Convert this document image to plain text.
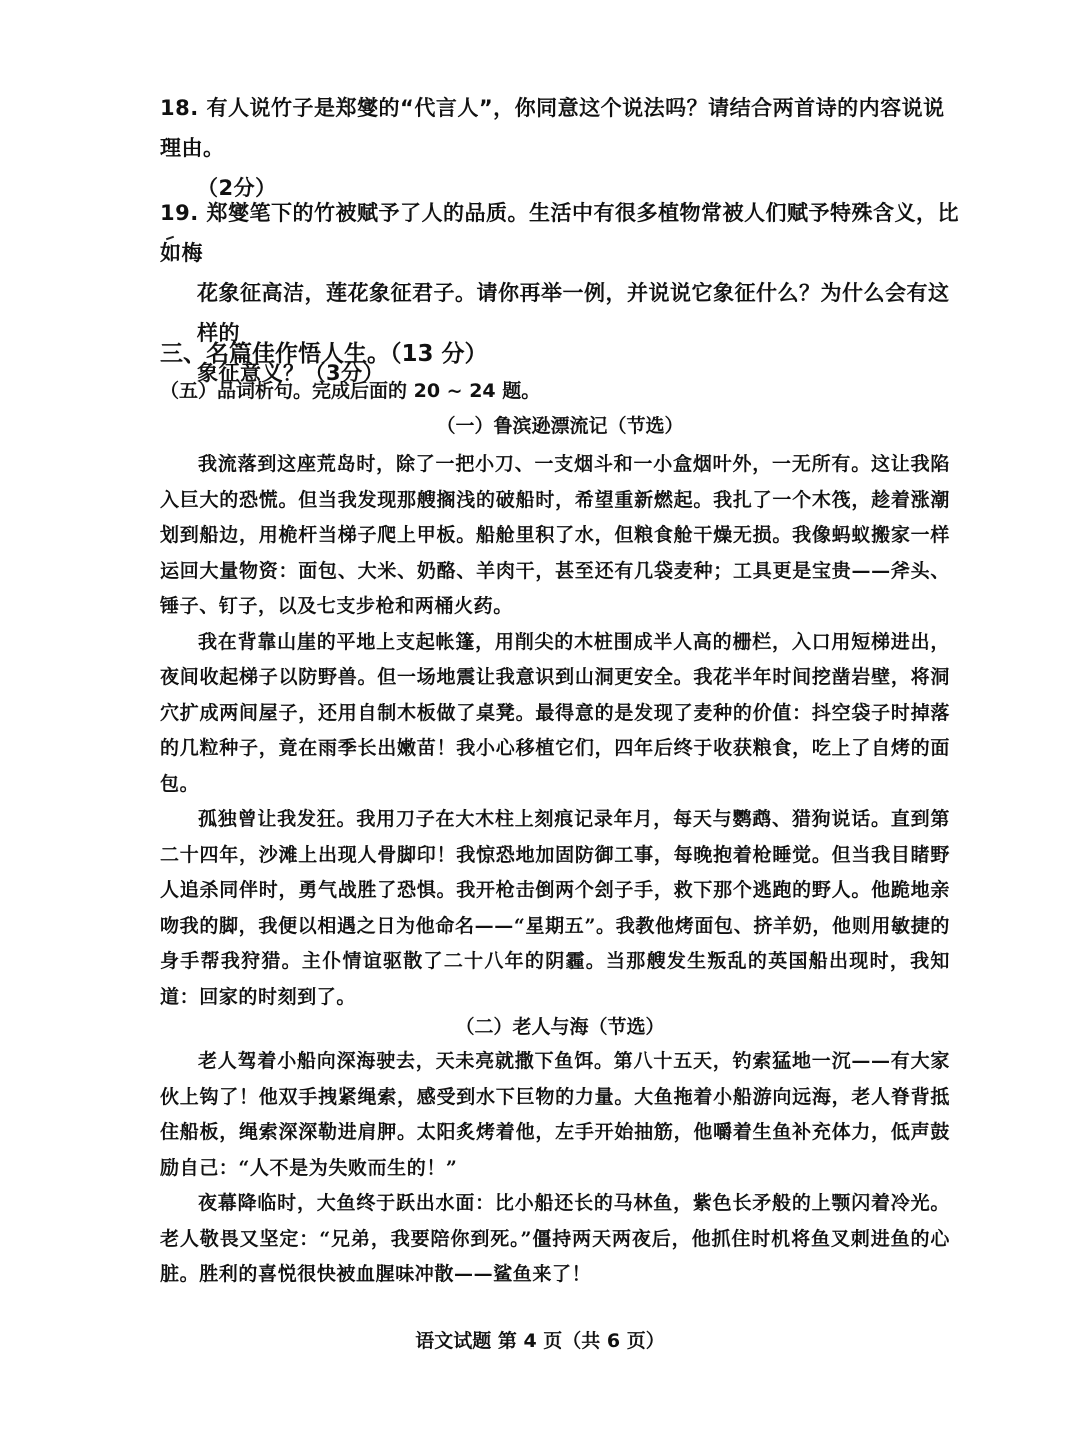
18. 有人说竹子是郑燮的“代言人”，你同意这个说法吗？请结合两首诗的内容说说理由。

（2分）
19. 郑燮笔下的竹被赋予了人的品质。生活中有很多植物常被人们赋予特殊含义，比如梅

花象征高洁，莲花象征君子。请你再举一例，并说说它象征什么？为什么会有这样的
象征意义？（3分）
三、名篇佳作悟人生。（13 分）
（五）品词析句。完成后面的 20 ~ 24 题。
（一）鲁滨逊漂流记（节选）

我流落到这座荒岛时，除了一把小刀、一支烟斗和一小盒烟叶外，一无所有。这让我陷入巨大的恐慌。但当我发现那艘搁浅的破船时，希望重新燃起。我扎了一个木筏，趁着涨潮划到船边，用桅杆当梯子爬上甲板。船舱里积了水，但粮食舱干燥无损。我像蚂蚁搬家一样运回大量物资：面包、大米、奶酪、羊肉干，甚至还有几袋麦种；工具更是宝贵——斧头、锤子、钉子，以及七支步枪和两桶火药。

我在背靠山崖的平地上支起帐篷，用削尖的木桩围成半人高的栅栏，入口用短梯进出，夜间收起梯子以防野兽。但一场地震让我意识到山洞更安全。我花半年时间挖凿岩壁，将洞穴扩成两间屋子，还用自制木板做了桌凳。最得意的是发现了麦种的价值：抖空袋子时掉落的几粒种子，竟在雨季长出嫩苗！我小心移植它们，四年后终于收获粮食，吃上了自烤的面包。

孤独曾让我发狂。我用刀子在大木柱上刻痕记录年月，每天与鹦鹉、猎狗说话。直到第二十四年，沙滩上出现人骨脚印！我惊恐地加固防御工事，每晚抱着枪睡觉。但当我目睹野人追杀同伴时，勇气战胜了恐惧。我开枪击倒两个刽子手，救下那个逃跑的野人。他跪地亲吻我的脚，我便以相遇之日为他命名——“星期五”。我教他烤面包、挤羊奶，他则用敏捷的身手帮我狩猎。主仆情谊驱散了二十八年的阴霾。当那艘发生叛乱的英国船出现时，我知道：回家的时刻到了。

（二）老人与海（节选）

老人驾着小船向深海驶去，天未亮就撒下鱼饵。第八十五天，钓索猛地一沉——有大家伙上钩了！他双手拽紧绳索，感受到水下巨物的力量。大鱼拖着小船游向远海，老人脊背抵住船板，绳索深深勒进肩胛。太阳炙烤着他，左手开始抽筋，他嚼着生鱼补充体力，低声鼓励自己：“人不是为失败而生的！”

夜幕降临时，大鱼终于跃出水面：比小船还长的马林鱼，紫色长矛般的上颚闪着冷光。老人敬畏又坚定：“兄弟，我要陪你到死。”僵持两天两夜后，他抓住时机将鱼叉刺进鱼的心脏。胜利的喜悦很快被血腥味冲散——鲨鱼来了！

语文试题 第 4 页（共 6 页）
